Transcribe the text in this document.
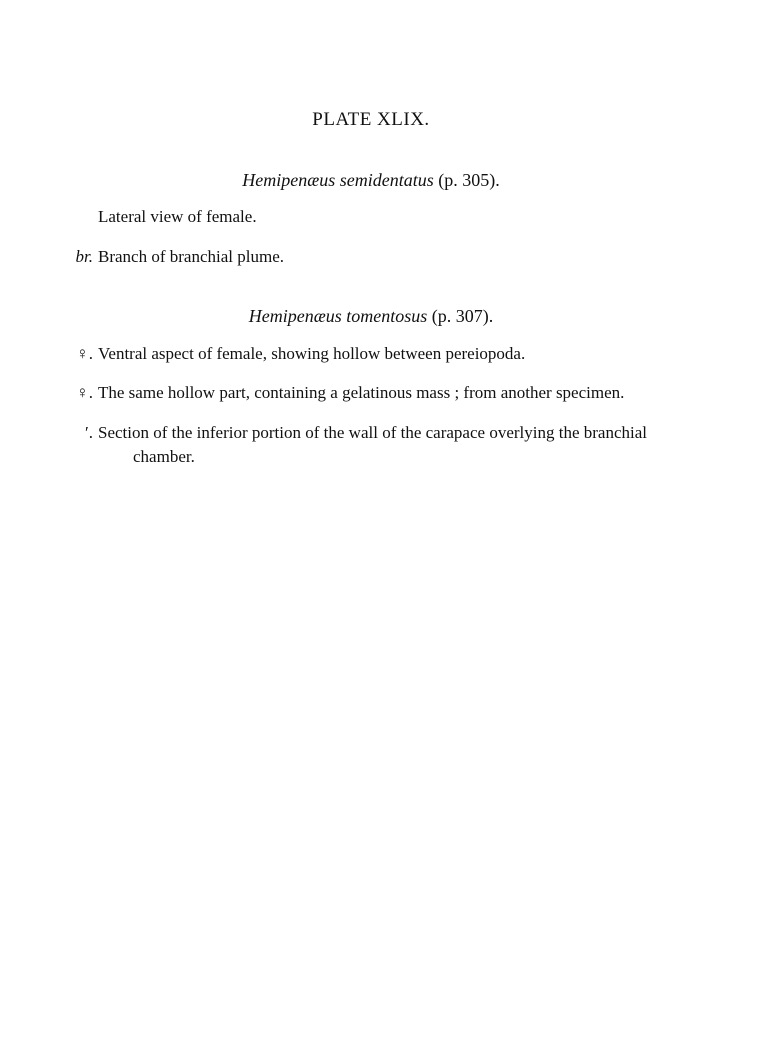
PLATE XLIX.
Hemipenæus semidentatus (p. 305).
Lateral view of female.
br. Branch of branchial plume.
Hemipenæus tomentosus (p. 307).
♀. Ventral aspect of female, showing hollow between pereiopoda.
♀. The same hollow part, containing a gelatinous mass ; from another specimen.
′. Section of the inferior portion of the wall of the carapace overlying the branchial
chamber.
